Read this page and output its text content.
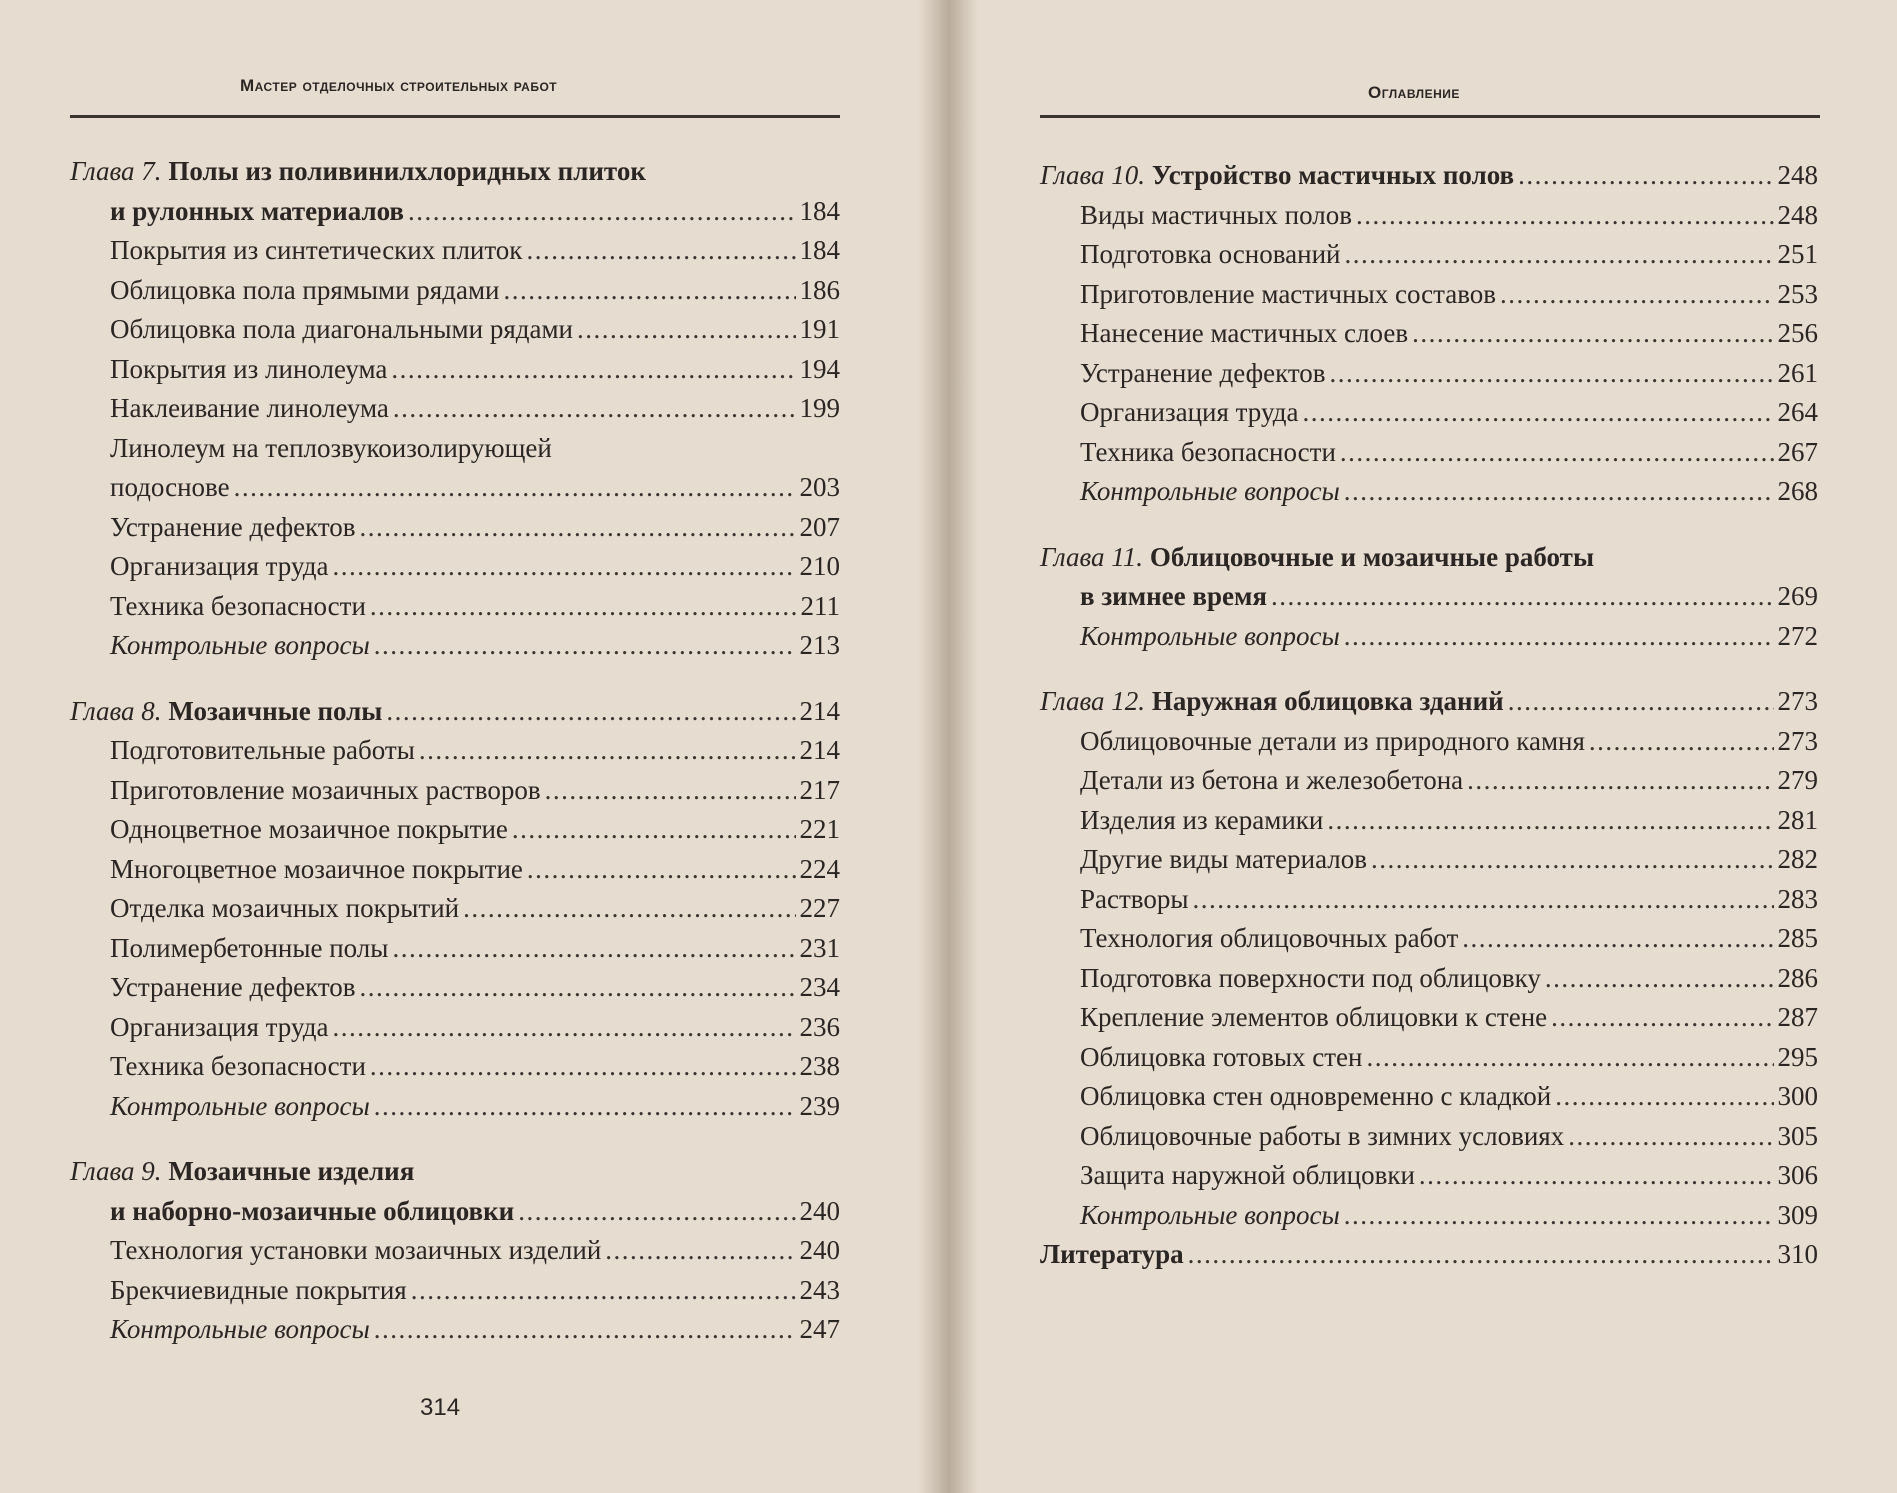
Мастер отделочных строительных работ
Глава 7. Полы из поливинилхлоридных плиток
и рулонных материалов .....	184
Покрытия из синтетических плиток .....	184
Облицовка пола прямыми рядами .....	186
Облицовка пола диагональными рядами .....	191
Покрытия из линолеума .....	194
Наклеивание линолеума .....	199
Линолеум на теплозвукоизолирующей
подоснове .....	203
Устранение дефектов .....	207
Организация труда .....	210
Техника безопасности .....	211
Контрольные вопросы .....	213
Глава 8. Мозаичные полы .....	214
Подготовительные работы .....	214
Приготовление мозаичных растворов .....	217
Одноцветное мозаичное покрытие .....	221
Многоцветное мозаичное покрытие .....	224
Отделка мозаичных покрытий .....	227
Полимербетонные полы .....	231
Устранение дефектов .....	234
Организация труда .....	236
Техника безопасности .....	238
Контрольные вопросы .....	239
Глава 9. Мозаичные изделия
и наборно-мозаичные облицовки .....	240
Технология установки мозаичных изделий .....	240
Брекчиевидные покрытия .....	243
Контрольные вопросы .....	247
314
Оглавление
Глава 10. Устройство мастичных полов .....	248
Виды мастичных полов .....	248
Подготовка оснований .....	251
Приготовление мастичных составов .....	253
Нанесение мастичных слоев .....	256
Устранение дефектов .....	261
Организация труда .....	264
Техника безопасности .....	267
Контрольные вопросы .....	268
Глава 11. Облицовочные и мозаичные работы
в зимнее время .....	269
Контрольные вопросы .....	272
Глава 12. Наружная облицовка зданий .....	273
Облицовочные детали из природного камня .....	273
Детали из бетона и железобетона .....	279
Изделия из керамики .....	281
Другие виды материалов .....	282
Растворы .....	283
Технология облицовочных работ .....	285
Подготовка поверхности под облицовку .....	286
Крепление элементов облицовки к стене .....	287
Облицовка готовых стен .....	295
Облицовка стен одновременно с кладкой .....	300
Облицовочные работы в зимних условиях .....	305
Защита наружной облицовки .....	306
Контрольные вопросы .....	309
Литература .....	310
